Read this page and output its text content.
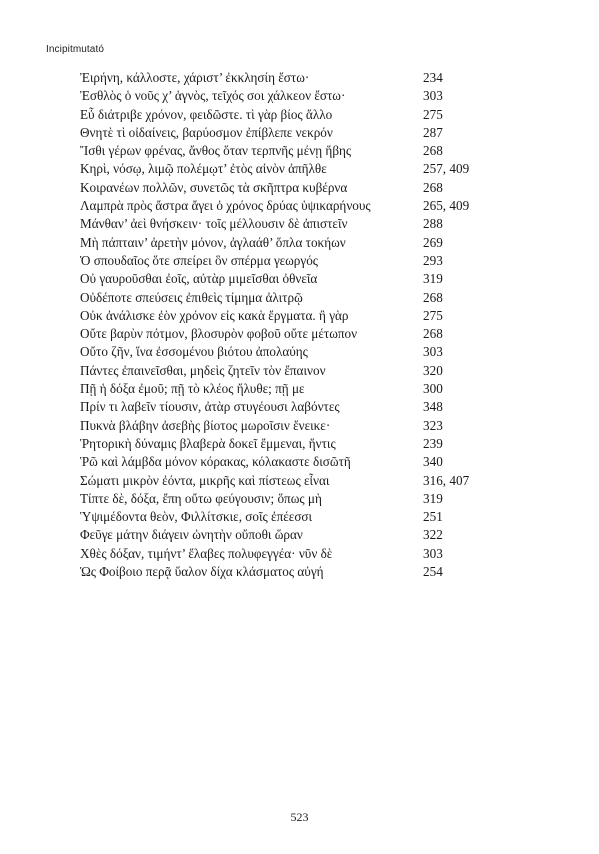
Incipitmutató
Ἐιρήνη, κάλλοστε, χάριστ’ ἐκκλησίη ἔστω·	234
Ἐσθλὸς ὁ νοῦς χ’ ἁγνὸς, τεῖχός σοι χάλκεον ἔστω·	303
Εὖ διάτριβε χρόνον, φειδῶστε. τὶ γὰρ βίος ἄλλο	275
Θνητὲ τὶ οἰδαίνεις, βαρύοσμον ἐπίβλεπε νεκρόν	287
Ἴσθι γέρων φρένας, ἄνθος ὅταν τερπνῆς μένῃ ἥβης	268
Κηρὶ, νόσῳ, λιμῷ πολέμῳτ’ ἐτὸς αἰνὸν ἀπῆλθε	257, 409
Κοιρανέων πολλῶν, συνετῶς τὰ σκῆπτρα κυβέρνα	268
Λαμπρὰ πρὸς ἄστρα ἄγει ὁ χρόνος δρύας ὑψικαρήνους	265, 409
Μάνθαν’ ἀεὶ θνήσκειν· τοῖς μέλλουσιν δὲ ἀπιστεῖν	288
Μὴ πάπταιν’ ἀρετὴν μόνον, ἀγλαάθ’ ὅπλα τοκήων	269
Ὁ σπουδαῖος ὅτε σπείρει ὃν σπέρμα γεωργός	293
Οὐ γαυροῦσθαι ἐοῖς, αὐτὰρ μιμεῖσθαι ὀθνεῖα	319
Οὐδέποτε σπεύσεις ἐπιθεὶς τίμημα ἀλιτρῷ	268
Οὐκ ἀνάλισκε ἐὸν χρόνον εἰς κακὰ ἔργματα. ἢ γὰρ	275
Οὔτε βαρὺν πότμον, βλοσυρὸν φοβοῦ οὔτε μέτωπον	268
Οὔτο ζῆν, ἵνα ἐσσομένου βιότου ἀπολαύης	303
Πάντες ἐπαινεῖσθαι, μηδεὶς ζητεῖν τὸν ἔπαινον	320
Πῇ ἡ δόξα ἐμοῦ; πῇ τὸ κλέος ἤλυθε; πῇ με	300
Πρίν τι λαβεῖν τίουσιν, ἀτὰρ στυγέουσι λαβόντες	348
Πυκνὰ βλάβην ἀσεβὴς βίοτος μωροῖσιν ἔνεικε·	323
Ῥητορικὴ δύναμις βλαβερὰ δοκεῖ ἔμμεναι, ἥντις	239
Ῥῶ καὶ λάμβδα μόνον κόρακας, κόλακαστε δισῶτῆ	340
Σώματι μικρὸν ἐόντα, μικρῆς καὶ πίστεως εἶναι	316, 407
Τίπτε δὲ, δόξα, ἔπη οὔτω φεύγουσιν; ὅπως μὴ	319
Ὑψιμέδοντα θεὸν, Φιλλίτσκιε, σοῖς ἐπέεσσι	251
Φεῦγε μάτην διάγειν ὠνητὴν οὔποθι ὥραν	322
Χθὲς δόξαν, τιμήντ’ ἔλαβες πολυφεγγέα· νῦν δὲ	303
Ὡς Φοίβοιο περᾷ ὕαλον δίχα κλάσματος αὐγή	254
523
